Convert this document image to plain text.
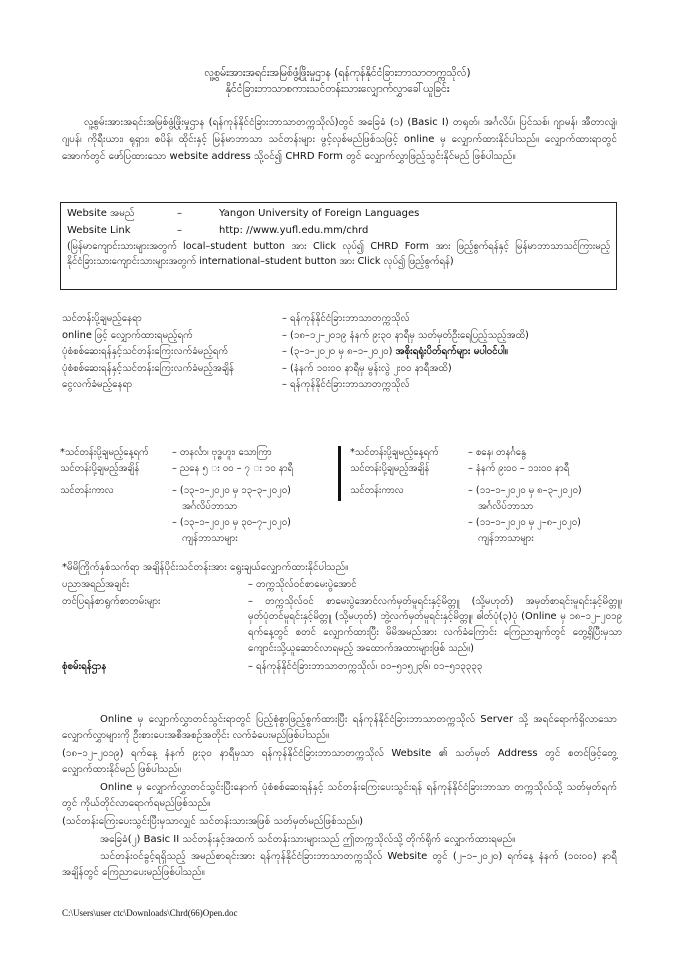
လူ့စွမ်းအားအရင်းအမြစ်ဖွံ့ဖြိုးမှုဌာန (ရန်ကုန်နိုင်ငံခြားဘာသာတက္ကသိုလ်)
နိုင်ငံခြားဘာသာစကားသင်တန်းသားလျှောက်လွှာခေါ်ယူခြင်း
လူ့စွမ်းအားအရင်းအမြစ်ဖွံ့ဖြိုးမှုဌာန (ရန်ကုန်နိုင်ငံခြားဘာသာတက္ကသိုလ်)တွင် အခြေခံ (၁) (Basic I) တရုတ်၊ အင်္ဂလိပ်၊ ပြင်သစ်၊ ဂျာမန်၊ အီတာလျံ၊ ဂျပန်၊ ကိုရီးယား၊ ရုရှား၊ စပိန်၊ ထိုင်းနှင့် မြန်မာဘာသာ သင်တန်းများ ဖွင့်လှစ်မည်ဖြစ်သဖြင့် online မှ လျှောက်ထားနိုင်ပါသည်။ လျှောက်ထားရာတွင် အောက်တွင် ဖော်ပြထားသော website address သို့ဝင်၍ CHRD Form တွင် လျှောက်လွှာဖြည့်သွင်းနိုင်မည် ဖြစ်ပါသည်။
Website အမည်	–	Yangon University of Foreign Languages
Website Link	–	http: //www.yufl.edu.mm/chrd
(မြန်မာကျောင်းသားများအတွက် local–student button အား Click လုပ်၍ CHRD Form အား ဖြည့်စွက်ရန်နှင့် မြန်မာဘာသာသင်ကြားမည့် နိုင်ငံခြားသားကျောင်းသားများအတွက် international–student button အား Click လုပ်၍ ဖြည့်စွက်ရန်)
သင်တန်းပို့ချမည့်နေရာ	– ရန်ကုန်နိုင်ငံခြားဘာသာတက္ကသိုလ်
online ဖြင့် လျှောက်ထားရမည့်ရက်	– (၁၈–၁၂–၂၀၁၉ နံနက် ၉း၃၀ နာရီမှ သတ်မှတ်ဦးရေပြည့်သည့်အထိ)
ပုံစံစစ်ဆေးရန်နှင့်သင်တန်းကြေးလက်ခံမည့်ရက်	– (၃–၁–၂၀၂၀ မှ ၈–၁–၂၀၂၀) အစိုးရရုံးပိတ်ရက်များ မပါဝင်ပါ။
ပုံစံစစ်ဆေးရန်နှင့်သင်တန်းကြေးလက်ခံမည့်အချိန်	– (နံနက် ၁၀း၀၀ နာရီမှ မွန်းလွဲ ၂း၀၀ နာရီအထိ)
ငွေလက်ခံမည့်နေရာ	– ရန်ကုန်နိုင်ငံခြားဘာသာတက္ကသိုလ်
*သင်တန်းပို့ချမည့်နေ့ရက်	– တနင်္လာ၊ ဗုဒ္ဓဟူး၊ သောကြာ
သင်တန်းပို့ချမည့်အချိန်	– ညနေ ၅ း ၀၀ – ၇ း ၁၀ နာရီ
သင်တန်းကာလ	– (၁၃–၁–၂၀၂၀ မှ ၁၃–၃–၂၀၂၀)
အင်္ဂလိပ်ဘာသာ
– (၁၃–၁–၂၀၂၀ မှ ၃၀–၇–၂၀၂၀)
ကျန်ဘာသာများ
*သင်တန်းပို့ချမည့်နေ့ရက်	– စနေ၊ တနင်္ဂနွေ
သင်တန်းပို့ချမည့်အချိန်	– နံနက် ၉း၀၀ – ၁၁း၀၀ နာရီ
သင်တန်းကာလ	– (၁၁–၁–၂၀၂၀ မှ ၈–၃–၂၀၂၀)
အင်္ဂလိပ်ဘာသာ
– (၁၁–၁–၂၀၂၀ မှ ၂–၈–၂၀၂၀)
ကျန်ဘာသာများ
*မိမိကြိုက်နှစ်သက်ရာ အချိန်ပိုင်းသင်တန်းအား ရွေးချယ်လျှောက်ထားနိုင်ပါသည်။
ပညာအရည်အချင်း	– တက္ကသိုလ်ဝင်စာမေးပွဲအောင်
တင်ပြရန်စာရွက်စာတမ်းများ	– တက္ကသိုလ်ဝင် စာမေးပွဲအောင်လက်မှတ်မူရင်းနှင့်မိတ္တူ (သို့မဟုတ်) အမှတ်စာရင်းမူရင်းနှင့်မိတ္တူ၊ မှတ်ပုံတင်မူရင်းနှင့်မိတ္တူ (သို့မဟုတ်) ဘွဲ့လက်မှတ်မူရင်းနှင့်မိတ္တူ၊ ဓါတ်ပုံ(၃)ပုံ (Online မှ ၁၈–၁၂–၂၀၁၉ ရက်နေ့တွင် စတင် လျှောက်ထားပြီး မိမိအမည်အား လက်ခံကြောင်း ကြေညာချက်တွင် တွေ့ရှိပြီးမှသာ ကျောင်းသို့ယူဆောင်လာရမည့် အထောက်အထားများဖြစ် သည်။)
စုံစမ်းရန်ဌာန	– ရန်ကုန်နိုင်ငံခြားဘာသာတက္ကသိုလ်၊ ၀၁–၅၁၅၂၃၆၊ ၀၁–၅၁၃၃၃၃
Online မှ လျှောက်လွှာတင်သွင်းရာတွင် ပြည့်စုံစွာဖြည့်စွက်ထားပြီး ရန်ကုန်နိုင်ငံခြားဘာသာတက္ကသိုလ် Server သို့ အရင်ရောက်ရှိလာသော လျှောက်လွှာများကို ဦးစားပေးအစီအစဉ်အတိုင်း လက်ခံပေးမည်ဖြစ်ပါသည်။
(၁၈–၁၂–၂၀၁၉) ရက်နေ့ နံနက် ၉း၃၀ နာရီမှသာ ရန်ကုန်နိုင်ငံခြားဘာသာတက္ကသိုလ် Website ၏ သတ်မှတ် Address တွင် စတင်ဖြင့်တွေ့ လျှောက်ထားနိုင်မည် ဖြစ်ပါသည်။
Online မှ လျှောက်လွှာတင်သွင်းပြီးနောက် ပုံစံစစ်ဆေးရန်နှင့် သင်တန်းကြေးပေးသွင်းရန် ရန်ကုန်နိုင်ငံခြားဘာသာ တက္ကသိုလ်သို့ သတ်မှတ်ရက်တွင် ကိုယ်တိုင်လာရောက်ရမည်ဖြစ်သည်။
(သင်တန်းကြေးပေးသွင်းပြီးမှသာလျှင် သင်တန်းသားအဖြစ် သတ်မှတ်မည်ဖြစ်သည်။)
အခြေခံ(၂) Basic II သင်တန်းနှင့်အထက် သင်တန်းသားများသည် ဤတက္ကသိုလ်သို့ တိုက်ရိုက် လျှောက်ထားရမည်။
သင်တန်းဝင်ခွင့်ရရှိသည့် အမည်စာရင်းအား ရန်ကုန်နိုင်ငံခြားဘာသာတက္ကသိုလ် Website တွင် (၂–၁–၂၀၂၀) ရက်နေ့ နံနက် (၁၀း၀၀) နာရီအချိန်တွင် ကြေညာပေးမည်ဖြစ်ပါသည်။
C:\Users\user ctc\Downloads\Chrd(66)Open.doc
